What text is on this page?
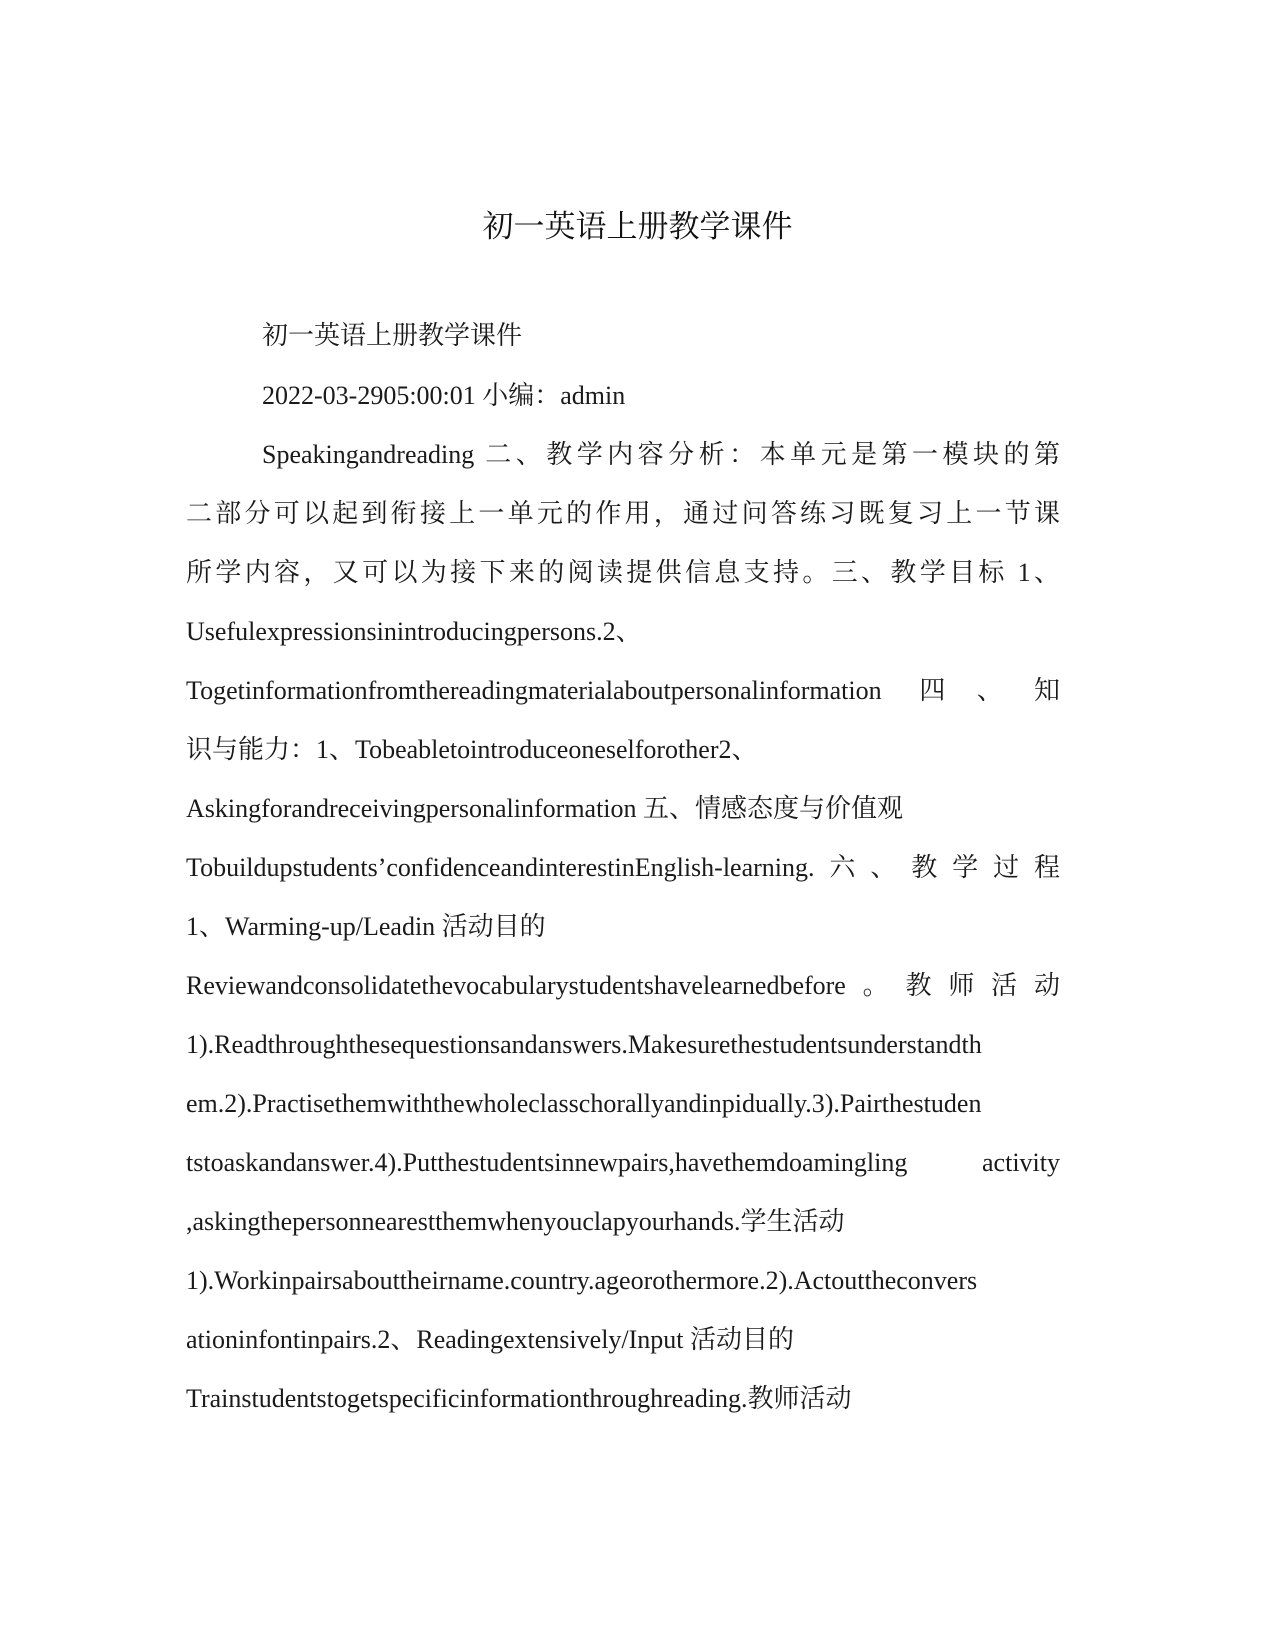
初一英语上册教学课件
初一英语上册教学课件
2022-03-2905:00:01 小编：admin
Speakingandreading 二、教学内容分析：本单元是第一模块的第
二部分可以起到衔接上一单元的作用，通过问答练习既复习上一节课
所学内容，又可以为接下来的阅读提供信息支持。三、教学目标 1、
Usefulexpressionsinintroducingpersons.2、
Togetinformationfromthereadingmaterialaboutpersonalinformation 四、知
识与能力：1、Tobeabletointroduceoneselforother2、
Askingforandreceivingpersonalinformation 五、情感态度与价值观
Tobuildupstudents’confidenceandinterestinEnglish-learning.六、教学过程
1、Warming-up/Leadin 活动目的
Reviewandconsolidatethevocabularystudentshavelearnedbefore。教师活动
1).Readthroughthesequestionsandanswers.Makesurethestudentsunderstandth
em.2).Practisethemwiththewholeclasschorallyandinpidually.3).Pairthestuden
tstoaskandanswer.4).Putthestudentsinnewpairs,havethemdoamingling activity
,askingthepersonnearestthemwhenyouclapyourhands.学生活动
1).Workinpairsabouttheirname.country.ageorothermore.2).Actouttheconvers
ationinfontinpairs.2、Readingextensively/Input 活动目的
Trainstudentstogetspecificinformationthroughreading.教师活动
